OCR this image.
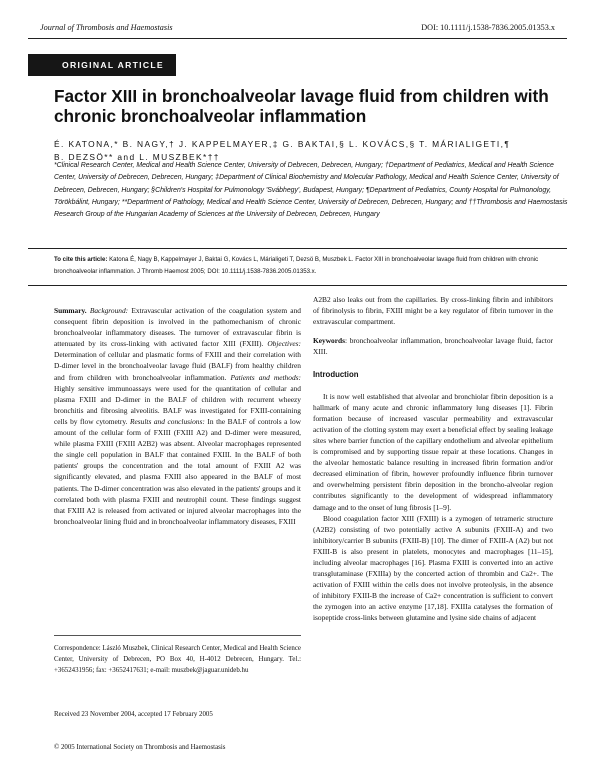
Journal of Thrombosis and Haemostasis	DOI: 10.1111/j.1538-7836.2005.01353.x
ORIGINAL ARTICLE
Factor XIII in bronchoalveolar lavage fluid from children with chronic bronchoalveolar inflammation
É. KATONA,* B. NAGY,† J. KAPPELMAYER,‡ G. BAKTAI,§ L. KOVÁCS,§ T. MÁRIALIGETI,¶
B. DEZSÖ** and L. MUSZBEK*††
*Clinical Research Center, Medical and Health Science Center, University of Debrecen, Debrecen, Hungary; †Department of Pediatrics, Medical and Health Science Center, University of Debrecen, Debrecen, Hungary; ‡Department of Clinical Biochemistry and Molecular Pathology, Medical and Health Science Center, University of Debrecen, Debrecen, Hungary; §Children's Hospital for Pulmonology 'Svábhegy', Budapest, Hungary; ¶Department of Pediatrics, County Hospital for Pulmonology, Törökbálint, Hungary; **Department of Pathology, Medical and Health Science Center, University of Debrecen, Debrecen, Hungary; and ††Thrombosis and Haemostasis Research Group of the Hungarian Academy of Sciences at the University of Debrecen, Debrecen, Hungary
To cite this article: Katona É, Nagy B, Kappelmayer J, Baktai G, Kovács L, Márialigeti T, Dezsö B, Muszbek L. Factor XIII in bronchoalveolar lavage fluid from children with chronic bronchoalveolar inflammation. J Thromb Haemost 2005; DOI: 10.1111/j.1538-7836.2005.01353.x.

Summary. Background: Extravascular activation of the coagulation system and consequent fibrin deposition is involved in the pathomechanism of chronic bronchoalveolar inflammatory diseases. The turnover of extravascular fibrin is attenuated by its cross-linking with activated factor XIII (FXIII). Objectives: Determination of cellular and plasmatic forms of FXIII and their correlation with D-dimer level in the bronchoalveolar lavage fluid (BALF) from healthy children and from children with bronchoalveolar inflammation. Patients and methods: Highly sensitive immunoassays were used for the quantitation of cellular and plasma FXIII and D-dimer in the BALF of children with recurrent wheezy bronchitis and fibrosing alveolitis. BALF was investigated for FXIII-containing cells by flow cytometry. Results and conclusions: In the BALF of controls a low amount of the cellular form of FXIII (FXIII A2) and D-dimer were measured, while plasma FXIII (FXIII A2B2) was absent. Alveolar macrophages represented the single cell population in BALF that contained FXIII. In the BALF of both patients' groups the concentration and the total amount of FXIII A2 was significantly elevated, and plasma FXIII also appeared in the BALF of most patients. The D-dimer concentration was also elevated in the patients' groups and it correlated both with plasma FXIII and neutrophil count. These findings suggest that FXIII A2 is released from activated or injured alveolar macrophages into the bronchoalveolar lining fluid and in bronchoalveolar inflammatory diseases, FXIII

Correspondence: László Muszbek, Clinical Research Center, Medical and Health Science Center, University of Debrecen, PO Box 40, H-4012 Debrecen, Hungary. Tel.: +3652431956; fax: +3652417631; e-mail: muszbek@jaguar.unideb.hu
Received 23 November 2004, accepted 17 February 2005
© 2005 International Society on Thrombosis and Haemostasis

A2B2 also leaks out from the capillaries. By cross-linking fibrin and inhibitors of fibrinolysis to fibrin, FXIII might be a key regulator of fibrin turnover in the extravascular compartment.

Keywords: bronchoalveolar inflammation, bronchoalveolar lavage fluid, factor XIII.

Introduction

It is now well established that alveolar and bronchiolar fibrin deposition is a hallmark of many acute and chronic inflammatory lung diseases [1]. Fibrin formation because of increased vascular permeability and extravascular activation of the clotting system may exert a beneficial effect by sealing leakage sites where barrier function of the capillary endothelium and alveolar epithelium is compromised and by supporting tissue repair at these locations. Changes in the alveolar hemostatic balance resulting in increased fibrin formation and/or decreased elimination of fibrin, however profoundly influence fibrin turnover and overwhelming persistent fibrin deposition in the broncho-alveolar region contributes significantly to the development of widespread inflammatory damage and to the onset of lung fibrosis [1–9].

Blood coagulation factor XIII (FXIII) is a zymogen of tetrameric structure (A2B2) consisting of two potentially active A subunits (FXIII-A) and two inhibitory/carrier B subunits (FXIII-B) [10]. The dimer of FXIII-A (A2) but not FXIII-B is also present in platelets, monocytes and macrophages [11–15], including alveolar macrophages [16]. Plasma FXIII is converted into an active transglutaminase (FXIIIa) by the concerted action of thrombin and Ca2+. The activation of FXIII within the cells does not involve proteolysis, in the absence of inhibitory FXIII-B the increase of Ca2+ concentration is sufficient to convert the zymogen into an active enzyme [17,18]. FXIIIa catalyses the formation of isopeptide cross-links between glutamine and lysine side chains of adjacent
